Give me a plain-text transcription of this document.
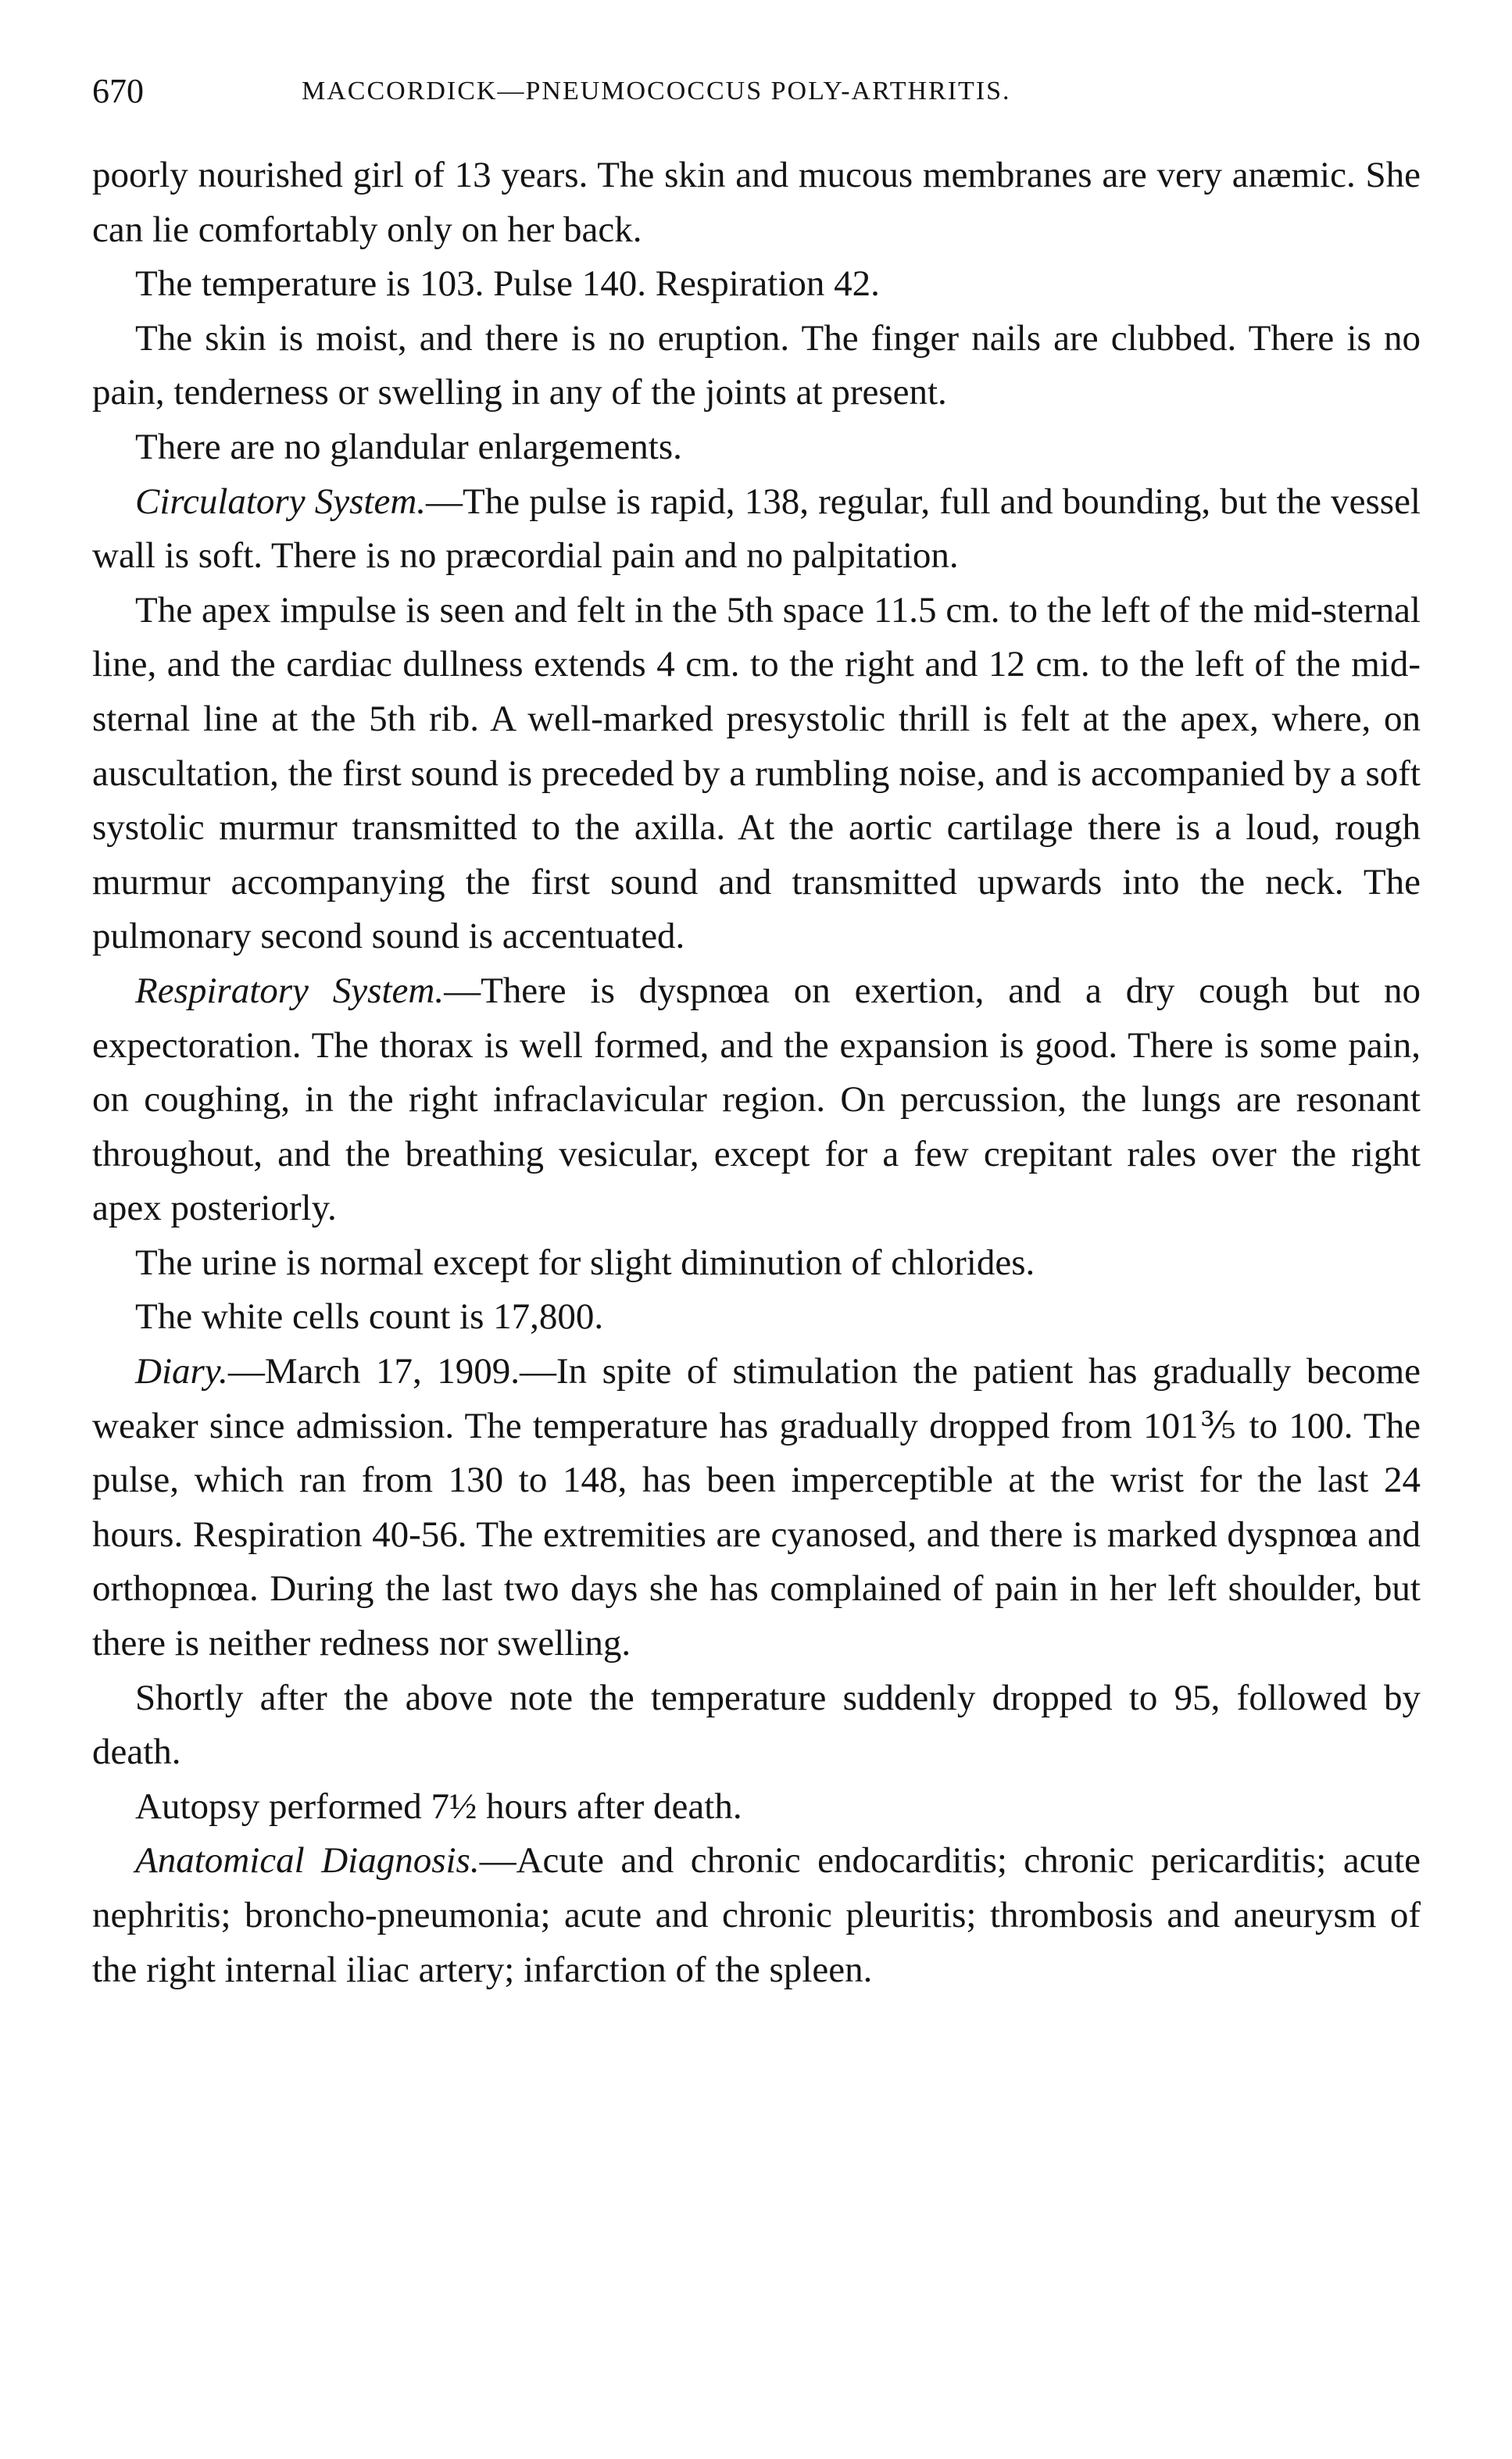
670	MACCORDICK—PNEUMOCOCCUS POLY-ARTHRITIS.

poorly nourished girl of 13 years. The skin and mucous membranes are very anæmic. She can lie comfortably only on her back.

The temperature is 103. Pulse 140. Respiration 42.

The skin is moist, and there is no eruption. The finger nails are clubbed. There is no pain, tenderness or swelling in any of the joints at present.

There are no glandular enlargements.

Circulatory System.—The pulse is rapid, 138, regular, full and bounding, but the vessel wall is soft. There is no præcordial pain and no palpitation.

The apex impulse is seen and felt in the 5th space 11.5 cm. to the left of the mid-sternal line, and the cardiac dullness extends 4 cm. to the right and 12 cm. to the left of the mid-sternal line at the 5th rib. A well-marked presystolic thrill is felt at the apex, where, on auscultation, the first sound is preceded by a rumbling noise, and is accompanied by a soft systolic murmur transmitted to the axilla. At the aortic cartilage there is a loud, rough murmur accompanying the first sound and transmitted upwards into the neck. The pulmonary second sound is accentuated.

Respiratory System.—There is dyspnœa on exertion, and a dry cough but no expectoration. The thorax is well formed, and the expansion is good. There is some pain, on coughing, in the right infraclavicular region. On percussion, the lungs are resonant throughout, and the breathing vesicular, except for a few crepitant rales over the right apex posteriorly.

The urine is normal except for slight diminution of chlorides.

The white cells count is 17,800.

Diary.—March 17, 1909.—In spite of stimulation the patient has gradually become weaker since admission. The temperature has gradually dropped from 101⅗ to 100. The pulse, which ran from 130 to 148, has been imperceptible at the wrist for the last 24 hours. Respiration 40-56. The extremities are cyanosed, and there is marked dyspnœa and orthopnœa. During the last two days she has complained of pain in her left shoulder, but there is neither redness nor swelling.

Shortly after the above note the temperature suddenly dropped to 95, followed by death.

Autopsy performed 7½ hours after death.

Anatomical Diagnosis.—Acute and chronic endocarditis; chronic pericarditis; acute nephritis; broncho-pneumonia; acute and chronic pleuritis; thrombosis and aneurysm of the right internal iliac artery; infarction of the spleen.
